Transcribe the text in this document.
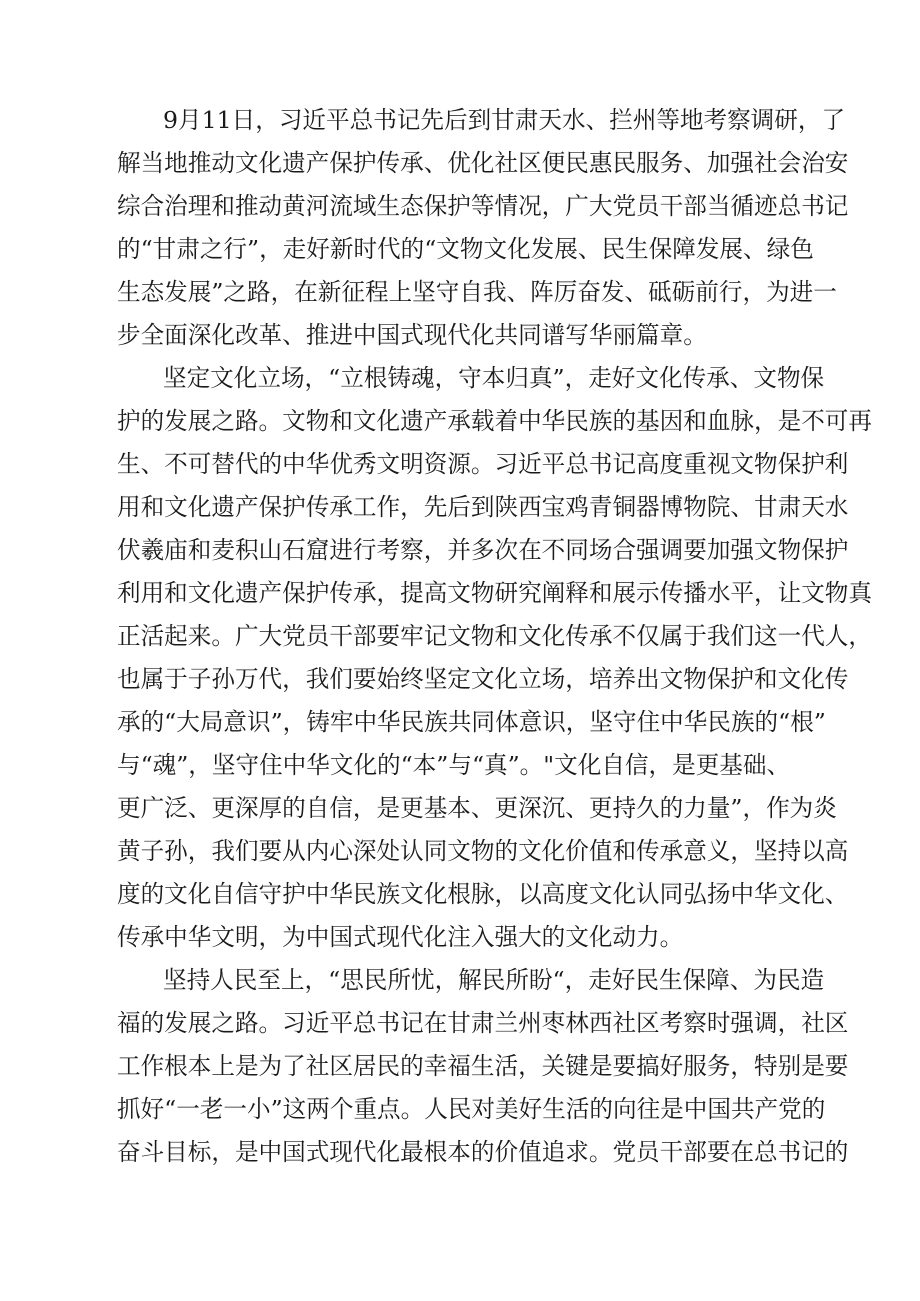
9月11日，习近平总书记先后到甘肃天水、拦州等地考察调研，了
解当地推动文化遗产保护传承、优化社区便民惠民服务、加强社会治安
综合治理和推动黄河流域生态保护等情况，广大党员干部当循迹总书记
的“甘肃之行”，走好新时代的“文物文化发展、民生保障发展、绿色
生态发展”之路，在新征程上坚守自我、阵厉奋发、砥砺前行，为进一
步全面深化改革、推进中国式现代化共同谱写华丽篇章。
坚定文化立场，“立根铸魂，守本归真”，走好文化传承、文物保
护的发展之路。文物和文化遗产承载着中华民族的基因和血脉，是不可再
生、不可替代的中华优秀文明资源。习近平总书记高度重视文物保护利
用和文化遗产保护传承工作，先后到陕西宝鸡青铜器博物院、甘肃天水
伏羲庙和麦积山石窟进行考察，并多次在不同场合强调要加强文物保护
利用和文化遗产保护传承，提高文物研究阐释和展示传播水平，让文物真
正活起来。广大党员干部要牢记文物和文化传承不仅属于我们这一代人，
也属于子孙万代，我们要始终坚定文化立场，培养出文物保护和文化传
承的“大局意识”，铸牢中华民族共同体意识，坚守住中华民族的“根”
与“魂”，坚守住中华文化的“本”与“真”。"文化自信，是更基础、
更广泛、更深厚的自信，是更基本、更深沉、更持久的力量”，作为炎
黄子孙，我们要从内心深处认同文物的文化价值和传承意义，坚持以高
度的文化自信守护中华民族文化根脉，以高度文化认同弘扬中华文化、
传承中华文明，为中国式现代化注入强大的文化动力。
坚持人民至上，“思民所忧，解民所盼“，走好民生保障、为民造
福的发展之路。习近平总书记在甘肃兰州枣林西社区考察时强调，社区
工作根本上是为了社区居民的幸福生活，关键是要搞好服务，特别是要
抓好“一老一小”这两个重点。人民对美好生活的向往是中国共产党的
奋斗目标，是中国式现代化最根本的价值追求。党员干部要在总书记的
